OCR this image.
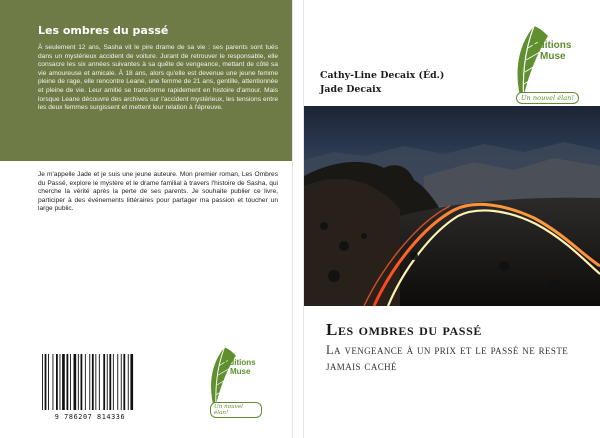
Les ombres du passé
À seulement 12 ans, Sasha vit le pire drame de sa vie : ses parents sont tués dans un mystérieux accident de voiture. Jurant de retrouver le responsable, elle consacre les six années suivantes à sa quête de vengeance, mettant de côté sa vie amoureuse et amicale. À 18 ans, alors qu'elle est devenue une jeune femme pleine de rage, elle rencontre Leane, une femme de 21 ans, gentille, attentionnée et pleine de vie. Leur amitié se transforme rapidement en histoire d'amour. Mais lorsque Leane découvre des archives sur l'accident mystérieux, les tensions entre les deux femmes surgissent et mettent leur relation à l'épreuve.
Je m'appelle Jade et je suis une jeune auteure. Mon premier roman, Les Ombres du Passé, explore le mystère et le drame familial à travers l'histoire de Sasha, qui cherche la vérité après la perte de ses parents. Je souhaite publier ce livre, participer à des événements littéraires pour partager ma passion et toucher un large public.
9 786207 814336
Éditions
Muse
Un nouvel élan!
Cathy-Line Decaix (Éd.)
Jade Decaix
Éditions
Muse
Un nouvel élan!
Les ombres du passé
La vengeance à un prix et le passé ne reste jamais caché
